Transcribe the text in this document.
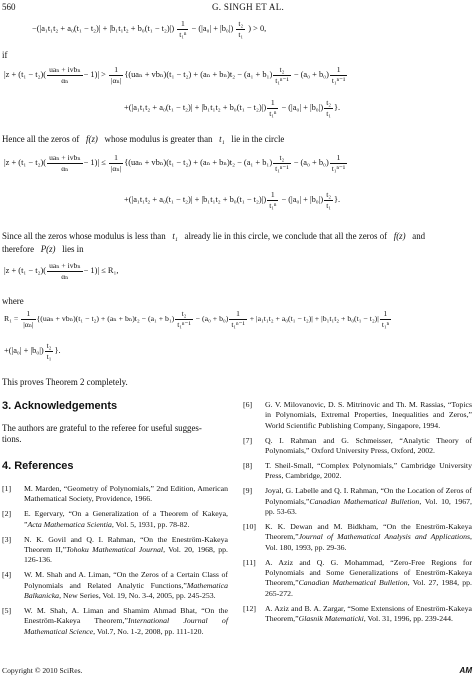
560	G. SINGH ET AL.
$-(|a_1t_1t_2 + a_0(t_1 - t_2)| + |b_1t_1t_2 + b_0(t_1 - t_2)|) \frac{1}{\text{t₁ⁿ}} - (|a_0| + |b_0|) \frac{\text{t₂}}{\text{t₁}}$ ) > 0,
if
$|z + (t_1 - t_2)( \frac{\text{uaₙ + ivbₙ}}{\text{αₙ}} - 1)| > \frac{1}{\text{|αₙ|}} \{(ua_n + vb_n)(t_1 - t_2) + (a_n + b_n)t_2 - (a_1 + b_1) \frac{\text{t₂}}{\text{t₁ⁿ⁻¹}} - (a_0 + b_0) \frac{1}{\text{t₁ⁿ⁻¹}}$
$+(|a_1t_1t_2 + a_0(t_1 - t_2)| + |b_1t_1t_2 + b_0(t_1 - t_2)|) \frac{1}{\text{t₁ⁿ}} - (|a_0| + |b_0|) \frac{\text{t₂}}{\text{t₁}}$ }.
Hence all the zeros of f(z) whose modulus is greater than t₁ lie in the circle
$|z + (t_1 - t_2)( \frac{\text{uaₙ + ivbₙ}}{\text{αₙ}} - 1)| \le \frac{1}{\text{|αₙ|}} \{(ua_n + vb_n)(t_1 - t_2) + (a_n + b_n)t_2 - (a_1 + b_1) \frac{\text{t₂}}{\text{t₁ⁿ⁻¹}} - (a_0 + b_0) \frac{1}{\text{t₁ⁿ⁻¹}}$
$+(|a_1t_1t_2 + a_0(t_1 - t_2)| + |b_1t_1t_2 + b_0(t_1 - t_2)|) \frac{1}{\text{t₁ⁿ}} - (|a_0| + |b_0|) \frac{\text{t₂}}{\text{t₁}}$ }.
Since all the zeros whose modulus is less than t₁ already lie in this circle, we conclude that all the zeros of f(z) and
therefore P(z) lies in
$|z + (t_1 - t_2)( \frac{\text{uaₙ + ivbₙ}}{\text{αₙ}} - 1)| \le R_1$,
where
$R_1 = \frac{1}{\text{|αₙ|}} \{(ua_n + vb_n)(t_1 - t_2) + (a_n + b_n)t_2 - (a_1 + b_1) \frac{\text{t₂}}{\text{t₁ⁿ⁻¹}} - (a_0 + b_0) \frac{1}{\text{t₁ⁿ⁻¹}} + |a_1t_1t_2 + a_0(t_1 - t_2)| + |b_1t_1t_2 + b_0(t_1 - t_2)| \frac{1}{\text{t₁ⁿ}}$
$+(|a_0| + |b_0|) \frac{\text{t₂}}{\text{t₁}}$ }.
This proves Theorem 2 completely.
3. Acknowledgements
The authors are grateful to the referee for useful sugges-
tions.
4. References
[1] M. Marden, “Geometry of Polynomials,” 2nd Edition, American Mathematical Society, Providence, 1966.
[2] E. Egervary, “On a Generalization of a Theorem of Kakeya, ”Acta Mathematica Scientia, Vol. 5, 1931, pp. 78-82.
[3] N. K. Govil and Q. I. Rahman, “On the Eneström-Kakeya Theorem II,”Tohoku Mathematical Journal, Vol. 20, 1968, pp. 126-136.
[4] W. M. Shah and A. Liman, “On the Zeros of a Certain Class of Polynomials and Related Analytic Functions,”Mathematica Balkanicka, New Series, Vol. 19, No. 3-4, 2005, pp. 245-253.
[5] W. M. Shah, A. Liman and Shamim Ahmad Bhat, “On the Eneström-Kakeya Theorem,”International Journal of Mathematical Science, Vol.7, No. 1-2, 2008, pp. 111-120.
[6] G. V. Milovanovic, D. S. Mitrinovic and Th. M. Rassias, “Topics in Polynomials, Extremal Properties, Inequalities and Zeros,” World Scientific Publishing Company, Singapore, 1994.
[7] Q. I. Rahman and G. Schmeisser, “Analytic Theory of Polynomials,” Oxford University Press, Oxford, 2002.
[8] T. Sheil-Small, “Complex Polynomials,” Cambridge University Press, Cambridge, 2002.
[9] Joyal, G. Labelle and Q. I. Rahman, “On the Location of Zeros of Polynomials,”Canadian Mathematical Bulletion, Vol. 10, 1967, pp. 53-63.
[10] K. K. Dewan and M. Bidkham, “On the Eneström-Kakeya Theorem,”Journal of Mathematical Analysis and Applications, Vol. 180, 1993, pp. 29-36.
[11] A. Aziz and Q. G. Mohammad, “Zero-Free Regions for Polynomials and Some Generalizations of Eneström-Kakeya Theorem,”Canadian Mathematical Bulletion, Vol. 27, 1984, pp. 265-272.
[12] A. Aziz and B. A. Zargar, “Some Extensions of Eneström-Kakeya Theorem,”Glasnik Matematicki, Vol. 31, 1996, pp. 239-244.
Copyright © 2010 SciRes.	AM
